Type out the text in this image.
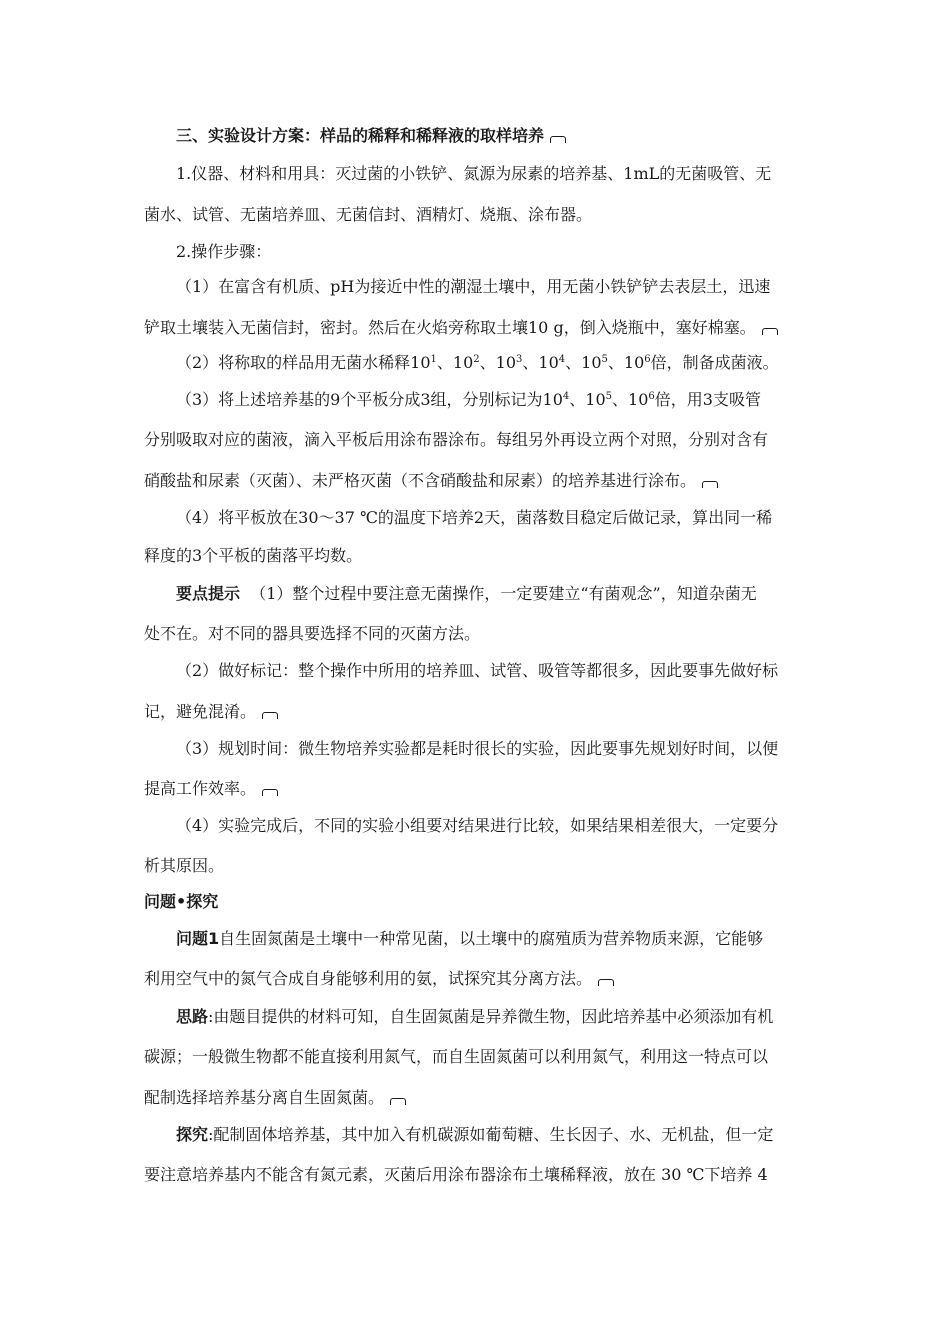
三、实验设计方案：样品的稀释和稀释液的取样培养
1.仪器、材料和用具：灭过菌的小铁铲、氮源为尿素的培养基、1mL的无菌吸管、无
菌水、试管、无菌培养皿、无菌信封、酒精灯、烧瓶、涂布器。
2.操作步骤：
（1）在富含有机质、pH为接近中性的潮湿土壤中，用无菌小铁铲铲去表层土，迅速
铲取土壤装入无菌信封，密封。然后在火焰旁称取土壤10 g，倒入烧瓶中，塞好棉塞。
（2）将称取的样品用无菌水稀释$10^1$、$10^2$、$10^3$、$10^4$、$10^5$、$10^6$倍，制备成菌液。
（3）将上述培养基的9个平板分成3组，分别标记为$10^4$、$10^5$、$10^6$倍，用3支吸管
分别吸取对应的菌液，滴入平板后用涂布器涂布。每组另外再设立两个对照，分别对含有
硝酸盐和尿素（灭菌）、未严格灭菌（不含硝酸盐和尿素）的培养基进行涂布。
（4）将平板放在30～37 ℃的温度下培养2天，菌落数目稳定后做记录，算出同一稀
释度的3个平板的菌落平均数。
要点提示 （1）整个过程中要注意无菌操作，一定要建立“有菌观念”，知道杂菌无
处不在。对不同的器具要选择不同的灭菌方法。
（2）做好标记：整个操作中所用的培养皿、试管、吸管等都很多，因此要事先做好标
记，避免混淆。
（3）规划时间：微生物培养实验都是耗时很长的实验，因此要事先规划好时间，以便
提高工作效率。
（4）实验完成后，不同的实验小组要对结果进行比较，如果结果相差很大，一定要分
析其原因。
问题•探究
问题1自生固氮菌是土壤中一种常见菌，以土壤中的腐殖质为营养物质来源，它能够
利用空气中的氮气合成自身能够利用的氨，试探究其分离方法。
思路:由题目提供的材料可知，自生固氮菌是异养微生物，因此培养基中必须添加有机
碳源；一般微生物都不能直接利用氮气，而自生固氮菌可以利用氮气，利用这一特点可以
配制选择培养基分离自生固氮菌。
探究:配制固体培养基，其中加入有机碳源如葡萄糖、生长因子、水、无机盐，但一定
要注意培养基内不能含有氮元素，灭菌后用涂布器涂布土壤稀释液，放在 30 ℃下培养 4
